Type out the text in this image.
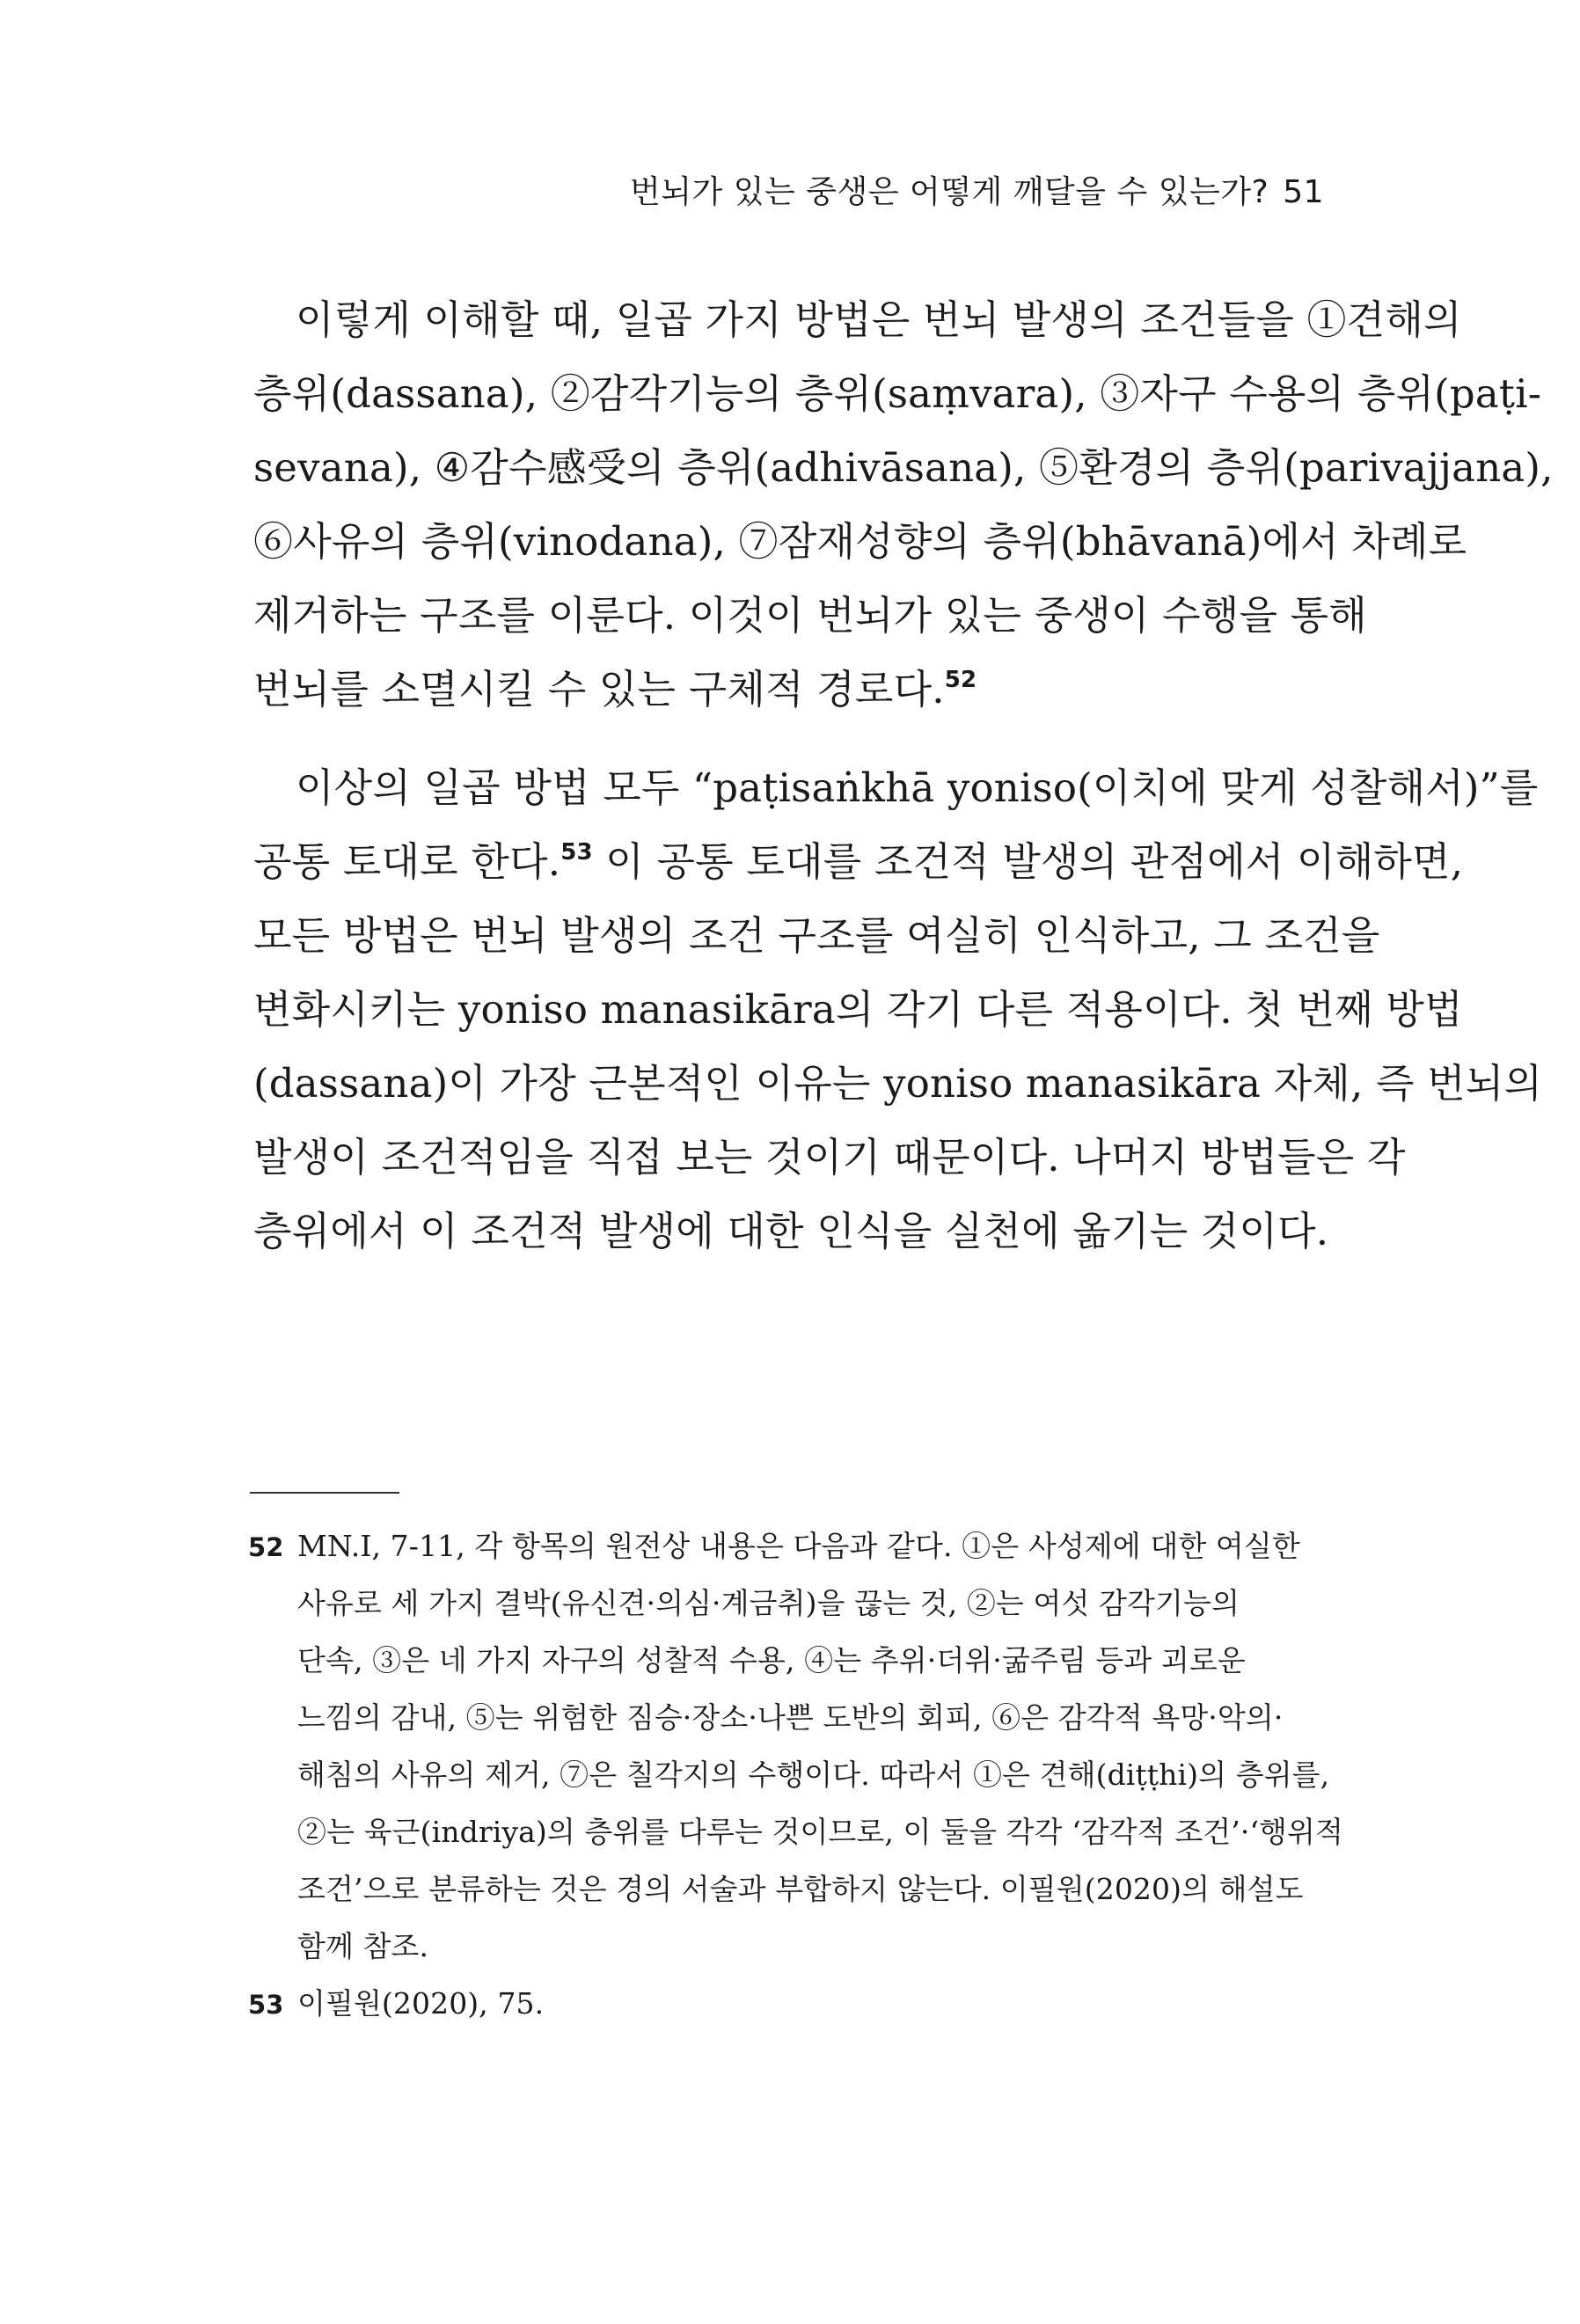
번뇌가 있는 중생은 어떻게 깨달을 수 있는가? 51
이렇게 이해할 때, 일곱 가지 방법은 번뇌 발생의 조건들을 ①견해의
층위(dassana), ②감각기능의 층위(saṃvara), ③자구 수용의 층위(paṭi-
sevana), ④감수感受의 층위(adhivāsana), ⑤환경의 층위(parivajjana),
⑥사유의 층위(vinodana), ⑦잠재성향의 층위(bhāvanā)에서 차례로
제거하는 구조를 이룬다. 이것이 번뇌가 있는 중생이 수행을 통해
번뇌를 소멸시킬 수 있는 구체적 경로다.$^{52}$
이상의 일곱 방법 모두 “paṭisaṅkhā yoniso(이치에 맞게 성찰해서)”를
공통 토대로 한다.$^{53}$ 이 공통 토대를 조건적 발생의 관점에서 이해하면,
모든 방법은 번뇌 발생의 조건 구조를 여실히 인식하고, 그 조건을
변화시키는 yoniso manasikāra의 각기 다른 적용이다. 첫 번째 방법
(dassana)이 가장 근본적인 이유는 yoniso manasikāra 자체, 즉 번뇌의
발생이 조건적임을 직접 보는 것이기 때문이다. 나머지 방법들은 각
층위에서 이 조건적 발생에 대한 인식을 실천에 옮기는 것이다.
52 MN.I, 7-11, 각 항목의 원전상 내용은 다음과 같다. ①은 사성제에 대한 여실한
사유로 세 가지 결박(유신견·의심·계금취)을 끊는 것, ②는 여섯 감각기능의
단속, ③은 네 가지 자구의 성찰적 수용, ④는 추위·더위·굶주림 등과 괴로운
느낌의 감내, ⑤는 위험한 짐승·장소·나쁜 도반의 회피, ⑥은 감각적 욕망·악의·
해침의 사유의 제거, ⑦은 칠각지의 수행이다. 따라서 ①은 견해(diṭṭhi)의 층위를,
②는 육근(indriya)의 층위를 다루는 것이므로, 이 둘을 각각 ‘감각적 조건’·‘행위적
조건’으로 분류하는 것은 경의 서술과 부합하지 않는다. 이필원(2020)의 해설도
함께 참조.
53 이필원(2020), 75.
